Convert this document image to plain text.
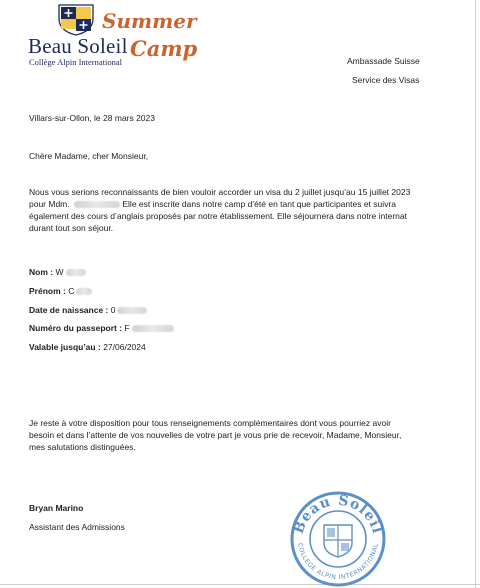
Beau Soleil
Collège Alpin International
Summer
Camp	Ambassade Suisse
Service des Visas
Villars-sur-Ollon, le 28 mars 2023
Chère Madame, cher Monsieur,
Nous vous serions reconnaissants de bien vouloir accorder un visa du 2 juillet jusqu’au 15 juillet 2023
pour Mdm.	Elle est inscrite dans notre camp d’été en tant que participantes et suivra
également des cours d’anglais proposés par notre établissement. Elle séjournera dans notre internat
durant tout son séjour.
Nom : W
Prénom : C
Date de naissance : 0
Numéro du passeport : F
Valable jusqu’au : 27/06/2024
Je reste à votre disposition pour tous renseignements complémentaires dont vous pourriez avoir
besoin et dans l’attente de vos nouvelles de votre part je vous prie de recevoir, Madame, Monsieur,
mes salutations distinguées.
Bryan Marino
Assistant des Admissions	Beau Soleil
COLLEGE ALPIN INTERNATIONAL
